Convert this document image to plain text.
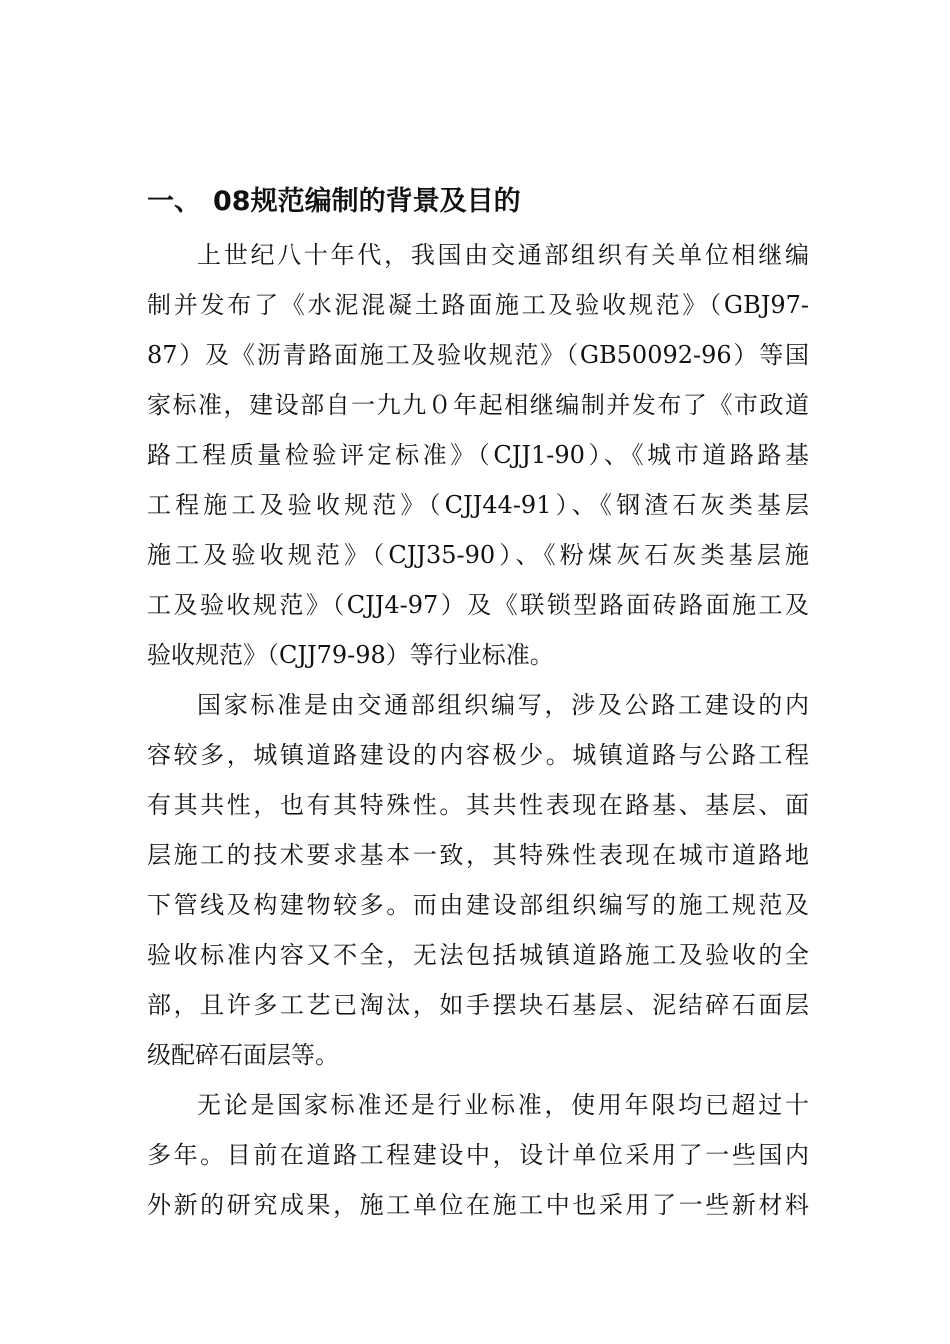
一、 08规范编制的背景及目的
上世纪八十年代，我国由交通部组织有关单位相继编
制并发布了《水泥混凝土路面施工及验收规范》（GBJ97-
87）及《沥青路面施工及验收规范》（GB50092-96）等国
家标准，建设部自一九九０年起相继编制并发布了《市政道
路工程质量检验评定标准》（CJJ1-90）、《城市道路路基
工程施工及验收规范》（CJJ44-91）、《钢渣石灰类基层
施工及验收规范》（CJJ35-90）、《粉煤灰石灰类基层施
工及验收规范》（CJJ4-97）及《联锁型路面砖路面施工及
验收规范》（CJJ79-98）等行业标准。
国家标准是由交通部组织编写，涉及公路工建设的内
容较多，城镇道路建设的内容极少。城镇道路与公路工程
有其共性，也有其特殊性。其共性表现在路基、基层、面
层施工的技术要求基本一致，其特殊性表现在城市道路地
下管线及构建物较多。而由建设部组织编写的施工规范及
验收标准内容又不全，无法包括城镇道路施工及验收的全
部，且许多工艺已淘汰，如手摆块石基层、泥结碎石面层
级配碎石面层等。
无论是国家标准还是行业标准，使用年限均已超过十
多年。目前在道路工程建设中，设计单位采用了一些国内
外新的研究成果，施工单位在施工中也采用了一些新材料
